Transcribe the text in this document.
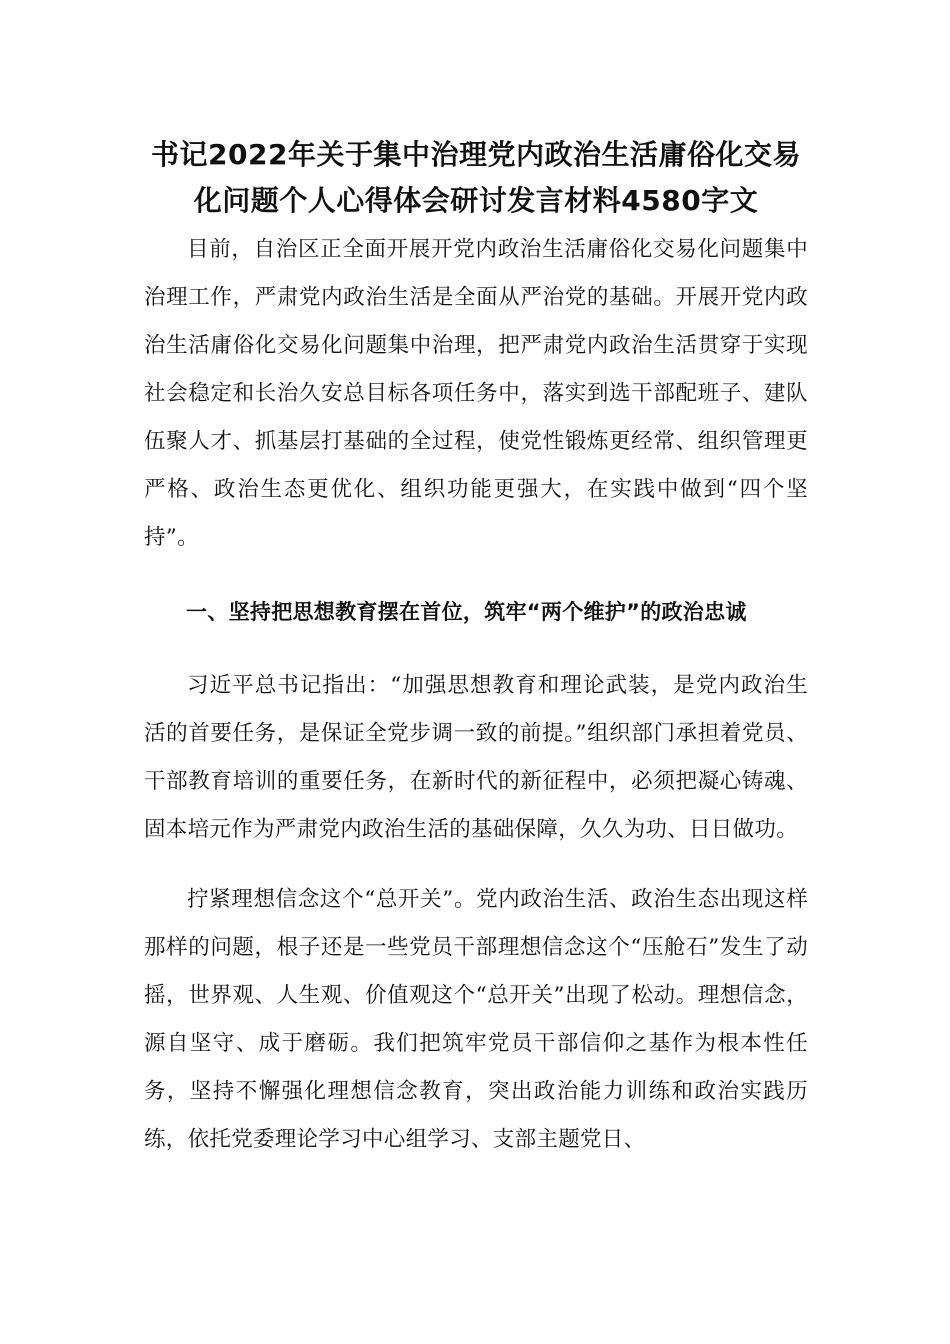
书记2022年关于集中治理党内政治生活庸俗化交易化问题个人心得体会研讨发言材料4580字文

目前，自治区正全面开展开党内政治生活庸俗化交易化问题集中治理工作，严肃党内政治生活是全面从严治党的基础。开展开党内政治生活庸俗化交易化问题集中治理，把严肃党内政治生活贯穿于实现社会稳定和长治久安总目标各项任务中，落实到选干部配班子、建队伍聚人才、抓基层打基础的全过程，使党性锻炼更经常、组织管理更严格、政治生态更优化、组织功能更强大，在实践中做到“四个坚持”。

一、坚持把思想教育摆在首位，筑牢“两个维护”的政治忠诚

习近平总书记指出：“加强思想教育和理论武装，是党内政治生活的首要任务，是保证全党步调一致的前提。”组织部门承担着党员、干部教育培训的重要任务，在新时代的新征程中，必须把凝心铸魂、固本培元作为严肃党内政治生活的基础保障，久久为功、日日做功。

拧紧理想信念这个“总开关”。党内政治生活、政治生态出现这样那样的问题，根子还是一些党员干部理想信念这个“压舱石”发生了动摇，世界观、人生观、价值观这个“总开关”出现了松动。理想信念，源自坚守、成于磨砺。我们把筑牢党员干部信仰之基作为根本性任务，坚持不懈强化理想信念教育，突出政治能力训练和政治实践历练，依托党委理论学习中心组学习、支部主题党日、
